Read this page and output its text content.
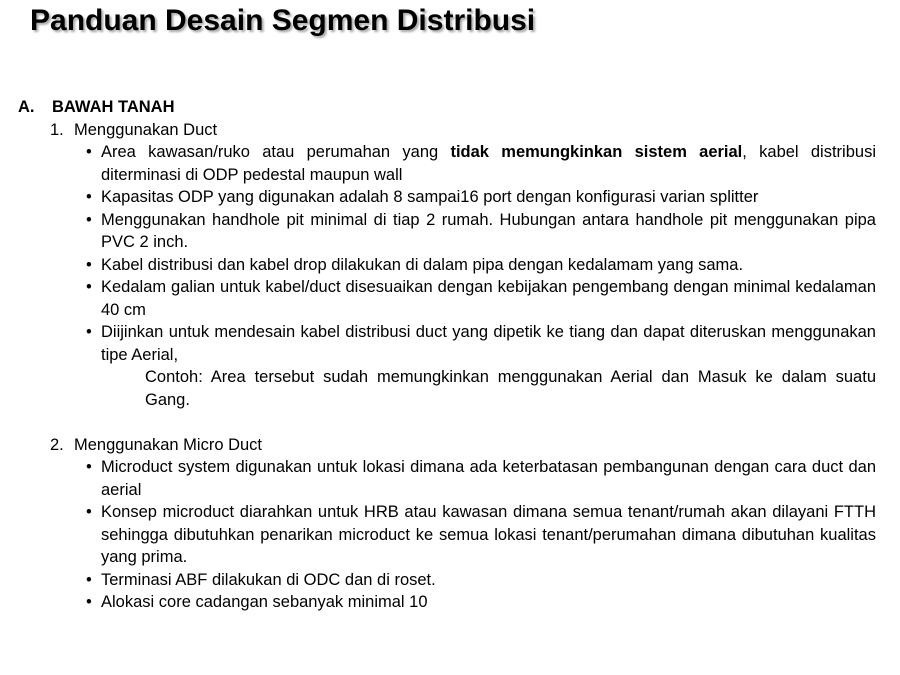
Panduan Desain Segmen Distribusi
A.	BAWAH TANAH
1. Menggunakan Duct
• Area kawasan/ruko atau perumahan yang tidak memungkinkan sistem aerial, kabel distribusi diterminasi di ODP pedestal maupun wall
• Kapasitas ODP yang digunakan adalah 8 sampai16 port dengan konfigurasi varian splitter
• Menggunakan handhole pit minimal di tiap 2 rumah. Hubungan antara handhole pit menggunakan pipa PVC 2 inch.
• Kabel distribusi dan kabel drop dilakukan di dalam pipa dengan kedalamam yang sama.
• Kedalam galian untuk kabel/duct disesuaikan dengan kebijakan pengembang dengan minimal kedalaman 40 cm
• Diijinkan untuk mendesain kabel distribusi duct yang dipetik ke tiang dan dapat diteruskan menggunakan tipe Aerial,
Contoh: Area tersebut sudah memungkinkan menggunakan Aerial dan Masuk ke dalam suatu Gang.
2. Menggunakan Micro Duct
• Microduct system digunakan untuk lokasi dimana ada keterbatasan pembangunan dengan cara duct dan aerial
• Konsep microduct diarahkan untuk HRB atau kawasan dimana semua tenant/rumah akan dilayani FTTH sehingga dibutuhkan penarikan microduct ke semua lokasi tenant/perumahan dimana dibutuhan kualitas yang prima.
• Terminasi ABF dilakukan di ODC dan di roset.
• Alokasi core cadangan sebanyak minimal 10
